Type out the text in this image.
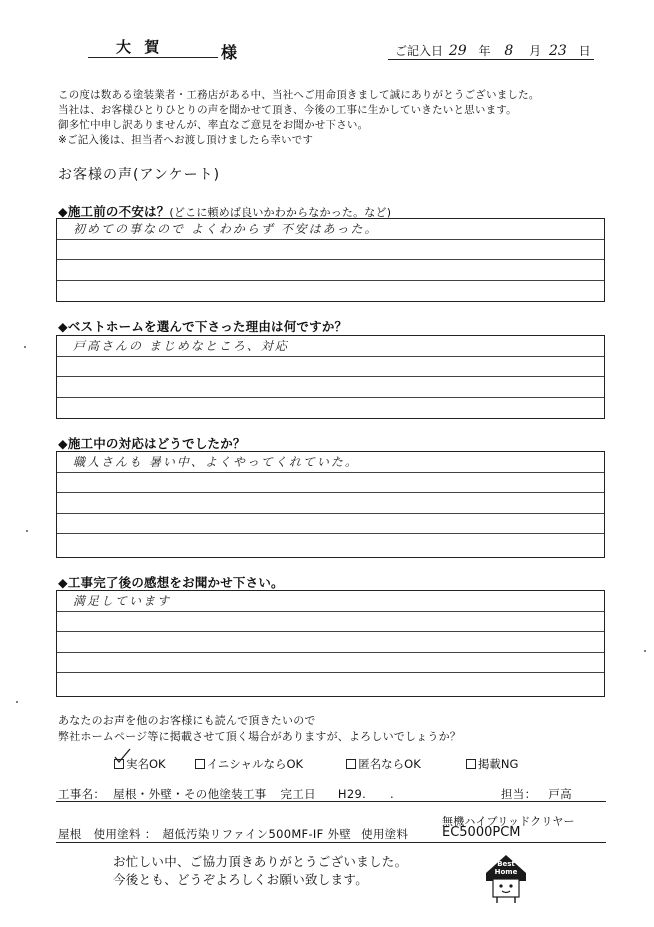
大 賀	様	ご記入日 29 年 8 月 23 日

この度は数ある塗装業者・工務店がある中、当社へご用命頂きまして誠にありがとうございました。

当社は、お客様ひとりひとりの声を聞かせて頂き、今後の工事に生かしていきたいと思います。

御多忙中申し訳ありませんが、率直なご意見をお聞かせ下さい。

※ご記入後は、担当者へお渡し頂けましたら幸いです

お客様の声(アンケート)
◆施工前の不安は？(どこに頼めば良いかわからなかった。など)
初めての事なので よくわからず 不安はあった。
◆ベストホームを選んで下さった理由は何ですか？
戸高さんの まじめなところ、対応
◆施工中の対応はどうでしたか？
職人さんも 暑い中、よくやってくれていた。
◆工事完了後の感想をお聞かせ下さい。
満足しています
あなたのお声を他のお客様にも読んで頂きたいので
弊社ホームページ等に掲載させて頂く場合がありますが、よろしいでしょうか？
実名OK
	イニシャルならOK
	匿名ならOK
	掲載NG
工事名： 屋根・外壁・その他塗装工事 完工日 H29. .	担当： 戸高
無機ハイブリッドクリヤー
屋根 使用塗料 ： 超低汚染リファイン500MF-IF 外壁 使用塗料	EC5000PCM

お忙しい中、ご協力頂きありがとうございました。

今後とも、どうぞよろしくお願い致します。

Best
Home
